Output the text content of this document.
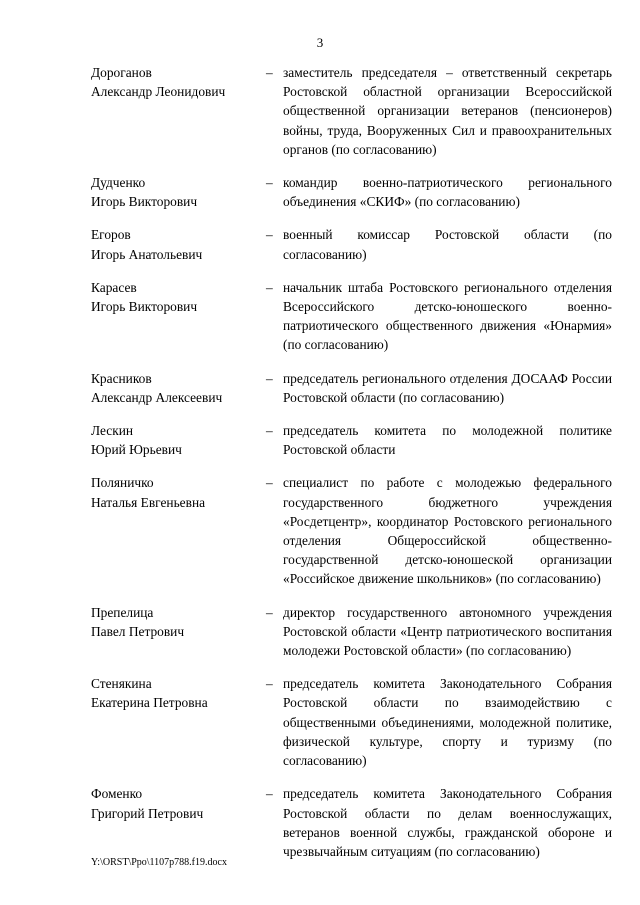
3
Дороганов
Александр Леонидович
– заместитель председателя – ответственный секретарь Ростовской областной организации Всероссийской общественной организации ветеранов (пенсионеров) войны, труда, Вооруженных Сил и правоохранительных органов (по согласованию)
Дудченко
Игорь Викторович
– командир военно-патриотического регионального объединения «СКИФ» (по согласованию)
Егоров
Игорь Анатольевич
– военный комиссар Ростовской области (по согласованию)
Карасев
Игорь Викторович
– начальник штаба Ростовского регионального отделения Всероссийского детско-юношеского военно-патриотического общественного движения «Юнармия» (по согласованию)
Красников
Александр Алексеевич
– председатель регионального отделения ДОСААФ России Ростовской области (по согласованию)
Лескин
Юрий Юрьевич
– председатель комитета по молодежной политике Ростовской области
Поляничко
Наталья Евгеньевна
– специалист по работе с молодежью федерального государственного бюджетного учреждения «Росдетцентр», координатор Ростовского регионального отделения Общероссийской общественно-государственной детско-юношеской организации «Российское движение школьников» (по согласованию)
Препелица
Павел Петрович
– директор государственного автономного учреждения Ростовской области «Центр патриотического воспитания молодежи Ростовской области» (по согласованию)
Стенякина
Екатерина Петровна
– председатель комитета Законодательного Собрания Ростовской области по взаимодействию с общественными объединениями, молодежной политике, физической культуре, спорту и туризму (по согласованию)
Фоменко
Григорий Петрович
– председатель комитета Законодательного Собрания Ростовской области по делам военнослужащих, ветеранов военной службы, гражданской обороне и чрезвычайным ситуациям (по согласованию)
Y:\ORST\Ppo\1107p788.f19.docx
